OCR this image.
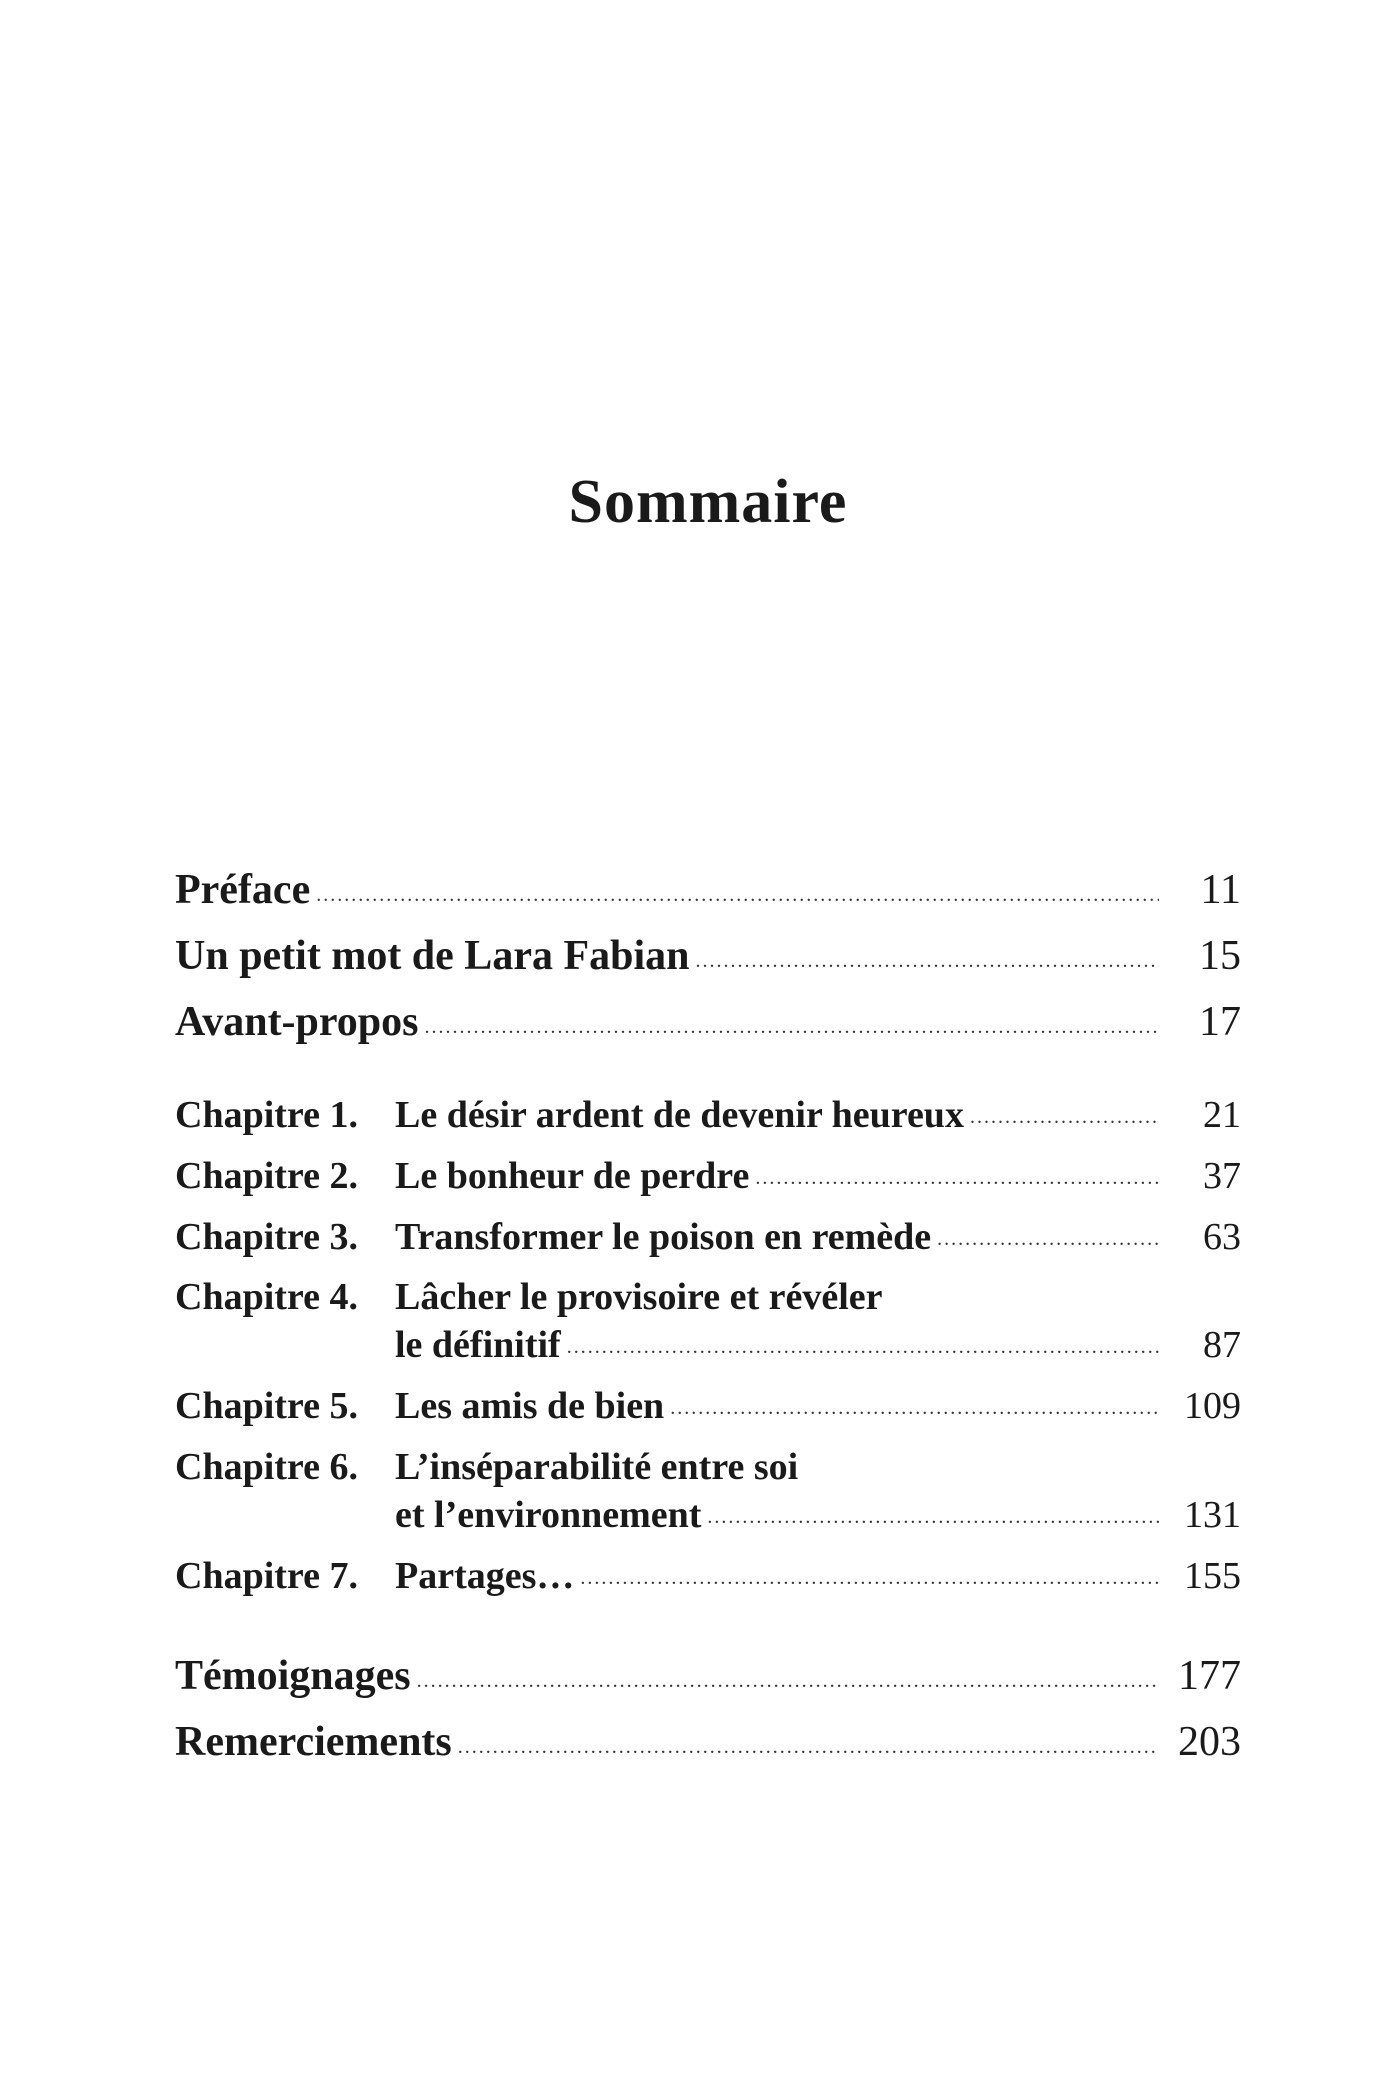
Sommaire
Préface .....	11
Un petit mot de Lara Fabian .....	15
Avant-propos .....	17
Chapitre 1. Le désir ardent de devenir heureux .....	21
Chapitre 2. Le bonheur de perdre .....	37
Chapitre 3. Transformer le poison en remède .....	63
Chapitre 4. Lâcher le provisoire et révéler
le définitif .....	87
Chapitre 5. Les amis de bien .....	109
Chapitre 6. L’inséparabilité entre soi
et l’environnement .....	131
Chapitre 7. Partages… .....	155
Témoignages .....	177
Remerciements .....	203
